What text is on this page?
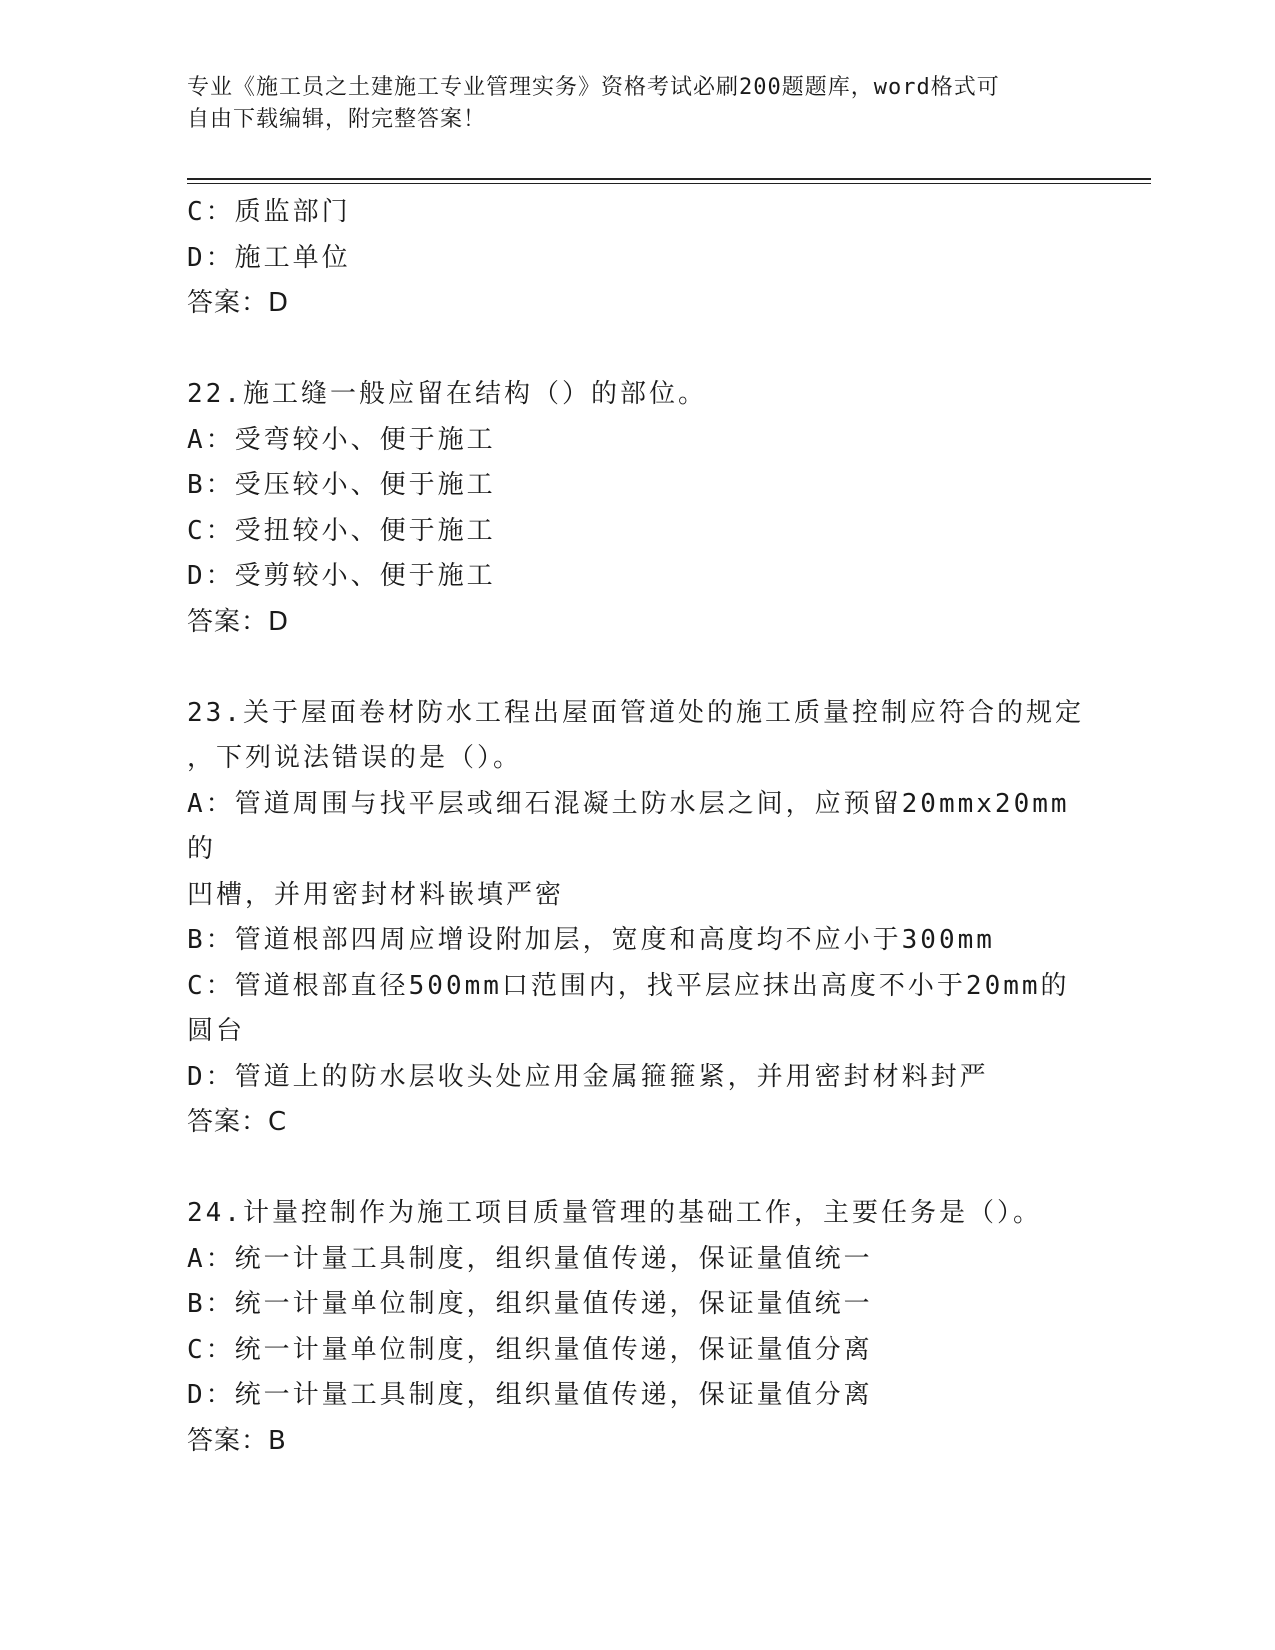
专业《施工员之土建施工专业管理实务》资格考试必刷200题题库，word格式可
自由下载编辑，附完整答案！
C：质监部门
D：施工单位
答案：D
22.施工缝一般应留在结构（）的部位。
A：受弯较小、便于施工
B：受压较小、便于施工
C：受扭较小、便于施工
D：受剪较小、便于施工
答案：D
23.关于屋面卷材防水工程出屋面管道处的施工质量控制应符合的规定
，下列说法错误的是（）。
A：管道周围与找平层或细石混凝土防水层之间，应预留20mmx20mm的
凹槽，并用密封材料嵌填严密
B：管道根部四周应增设附加层，宽度和高度均不应小于300mm
C：管道根部直径500mm口范围内，找平层应抹出高度不小于20mm的
圆台
D：管道上的防水层收头处应用金属箍箍紧，并用密封材料封严
答案：C
24.计量控制作为施工项目质量管理的基础工作，主要任务是（）。
A：统一计量工具制度，组织量值传递，保证量值统一
B：统一计量单位制度，组织量值传递，保证量值统一
C：统一计量单位制度，组织量值传递，保证量值分离
D：统一计量工具制度，组织量值传递，保证量值分离
答案：B
